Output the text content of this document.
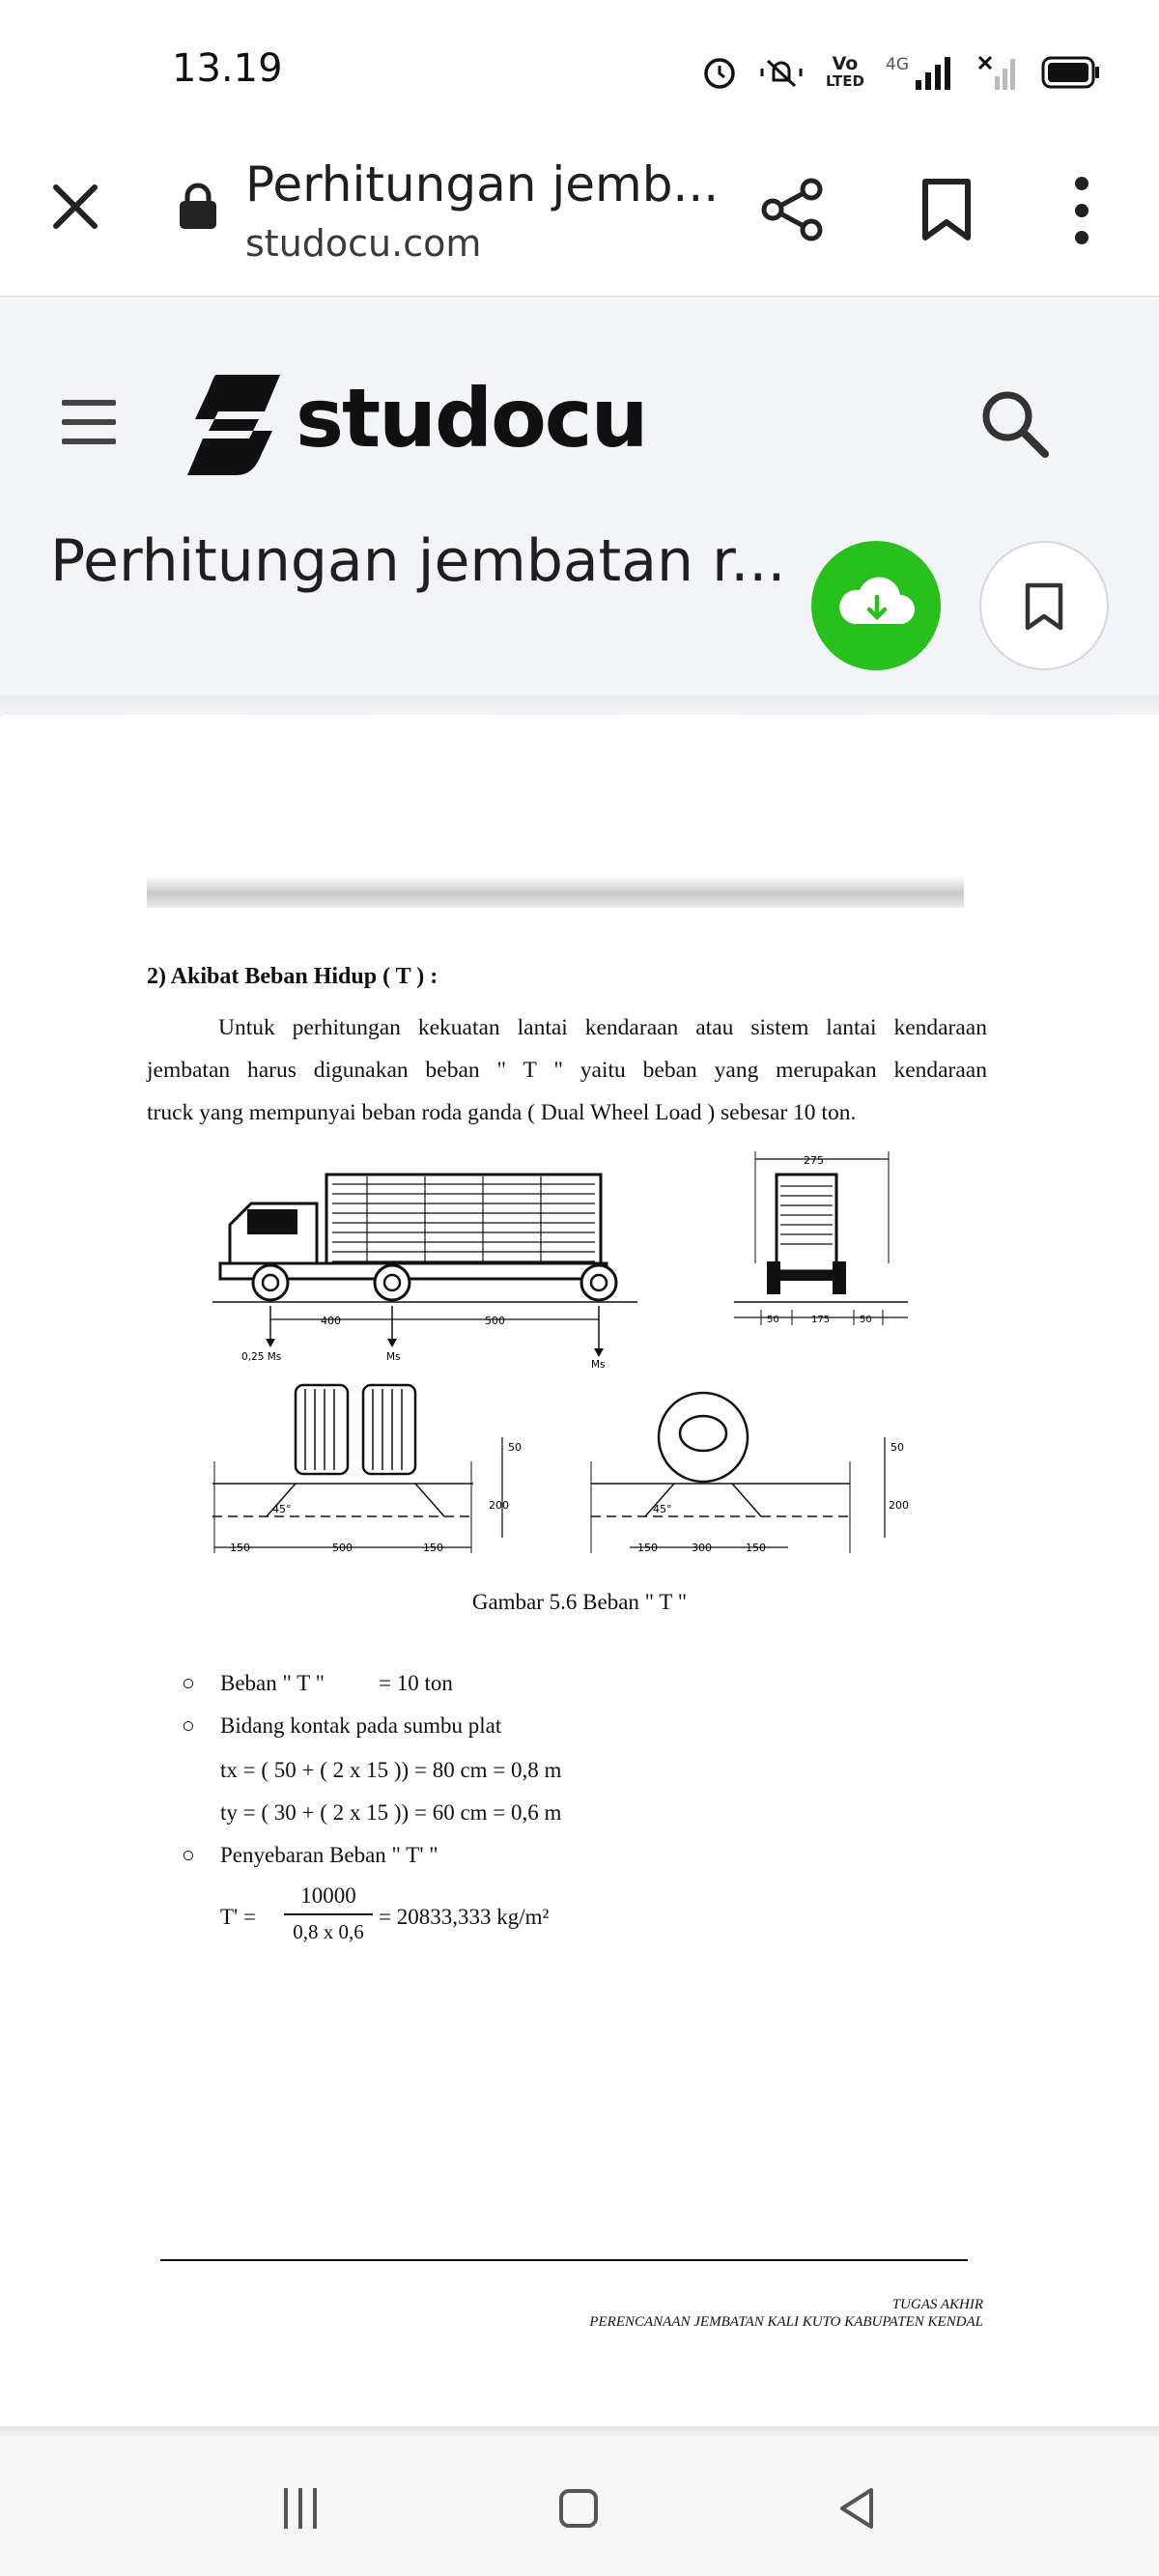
13.19	Vo
LTED
4G
Perhitungan jemb...
studocu.com
studocu
Perhitungan jembatan r...
2) Akibat Beban Hidup ( T ) :
Untuk perhitungan kekuatan lantai kendaraan atau sistem lantai kendaraan
jembatan harus digunakan beban " T " yaitu beban yang merupakan kendaraan
truck yang mempunyai beban roda ganda ( Dual Wheel Load ) sebesar 10 ton.
400	500
0,25 Ms	Ms
Ms
275
50	175	50
45°
150	500	150
50
200	45°
150	300	150
50
200
Gambar 5.6 Beban " T "
○ Beban " T " = 10 ton
○ Bidang kontak pada sumbu plat
tx = ( 50 + ( 2 x 15 )) = 80 cm = 0,8 m
ty = ( 30 + ( 2 x 15 )) = 60 cm = 0,6 m
○ Penyebaran Beban " T' "
T' =
10000
0,8 x 0,6
= 20833,333 kg/m²
TUGAS AKHIR
PERENCANAAN JEMBATAN KALI KUTO KABUPATEN KENDAL
